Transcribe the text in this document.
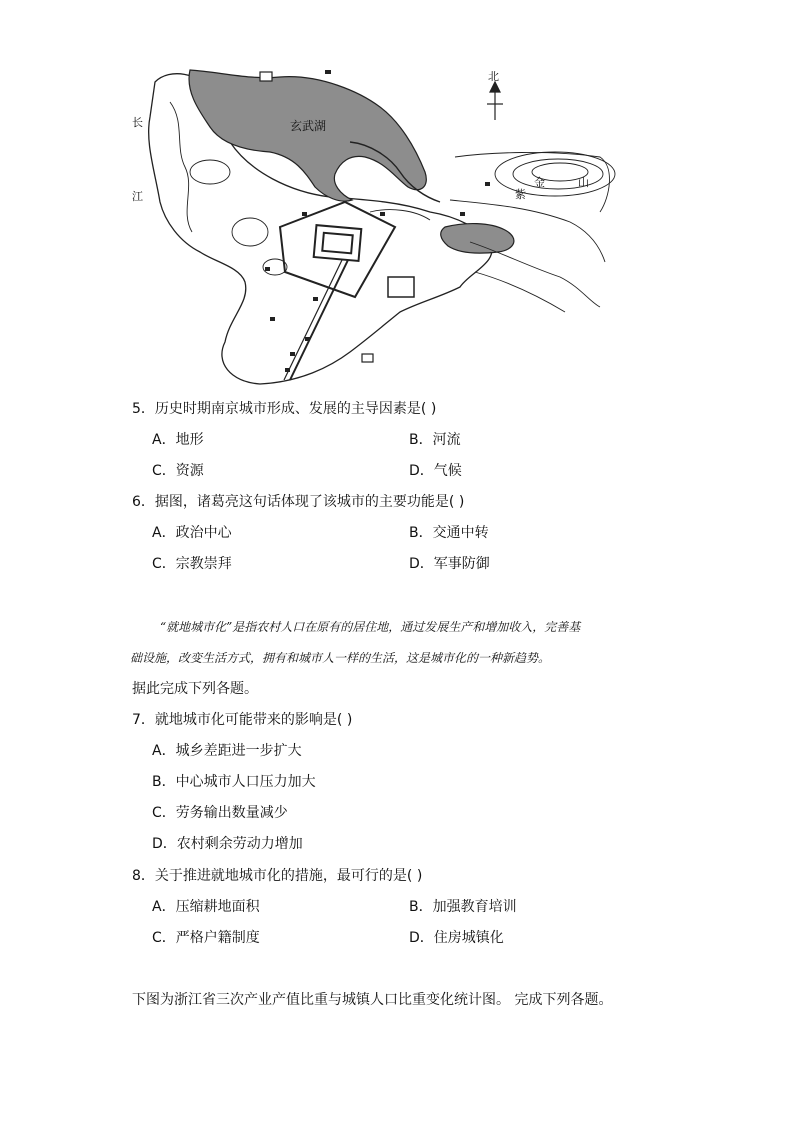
北
玄武湖
长
江	紫
金	山
5．历史时期南京城市形成、发展的主导因素是( )
A．地形	B．河流
C．资源	D．气候
6．据图，诸葛亮这句话体现了该城市的主要功能是( )
A．政治中心	B．交通中转
C．宗教崇拜	D．军事防御
“就地城市化”是指农村人口在原有的居住地，通过发展生产和增加收入，完善基
础设施，改变生活方式，拥有和城市人一样的生活，这是城市化的一种新趋势。
据此完成下列各题。
7．就地城市化可能带来的影响是( )
A．城乡差距进一步扩大
B．中心城市人口压力加大
C．劳务输出数量减少
D．农村剩余劳动力增加
8．关于推进就地城市化的措施，最可行的是( )
A．压缩耕地面积	B．加强教育培训
C．严格户籍制度	D．住房城镇化
下图为浙江省三次产业产值比重与城镇人口比重变化统计图。 完成下列各题。
